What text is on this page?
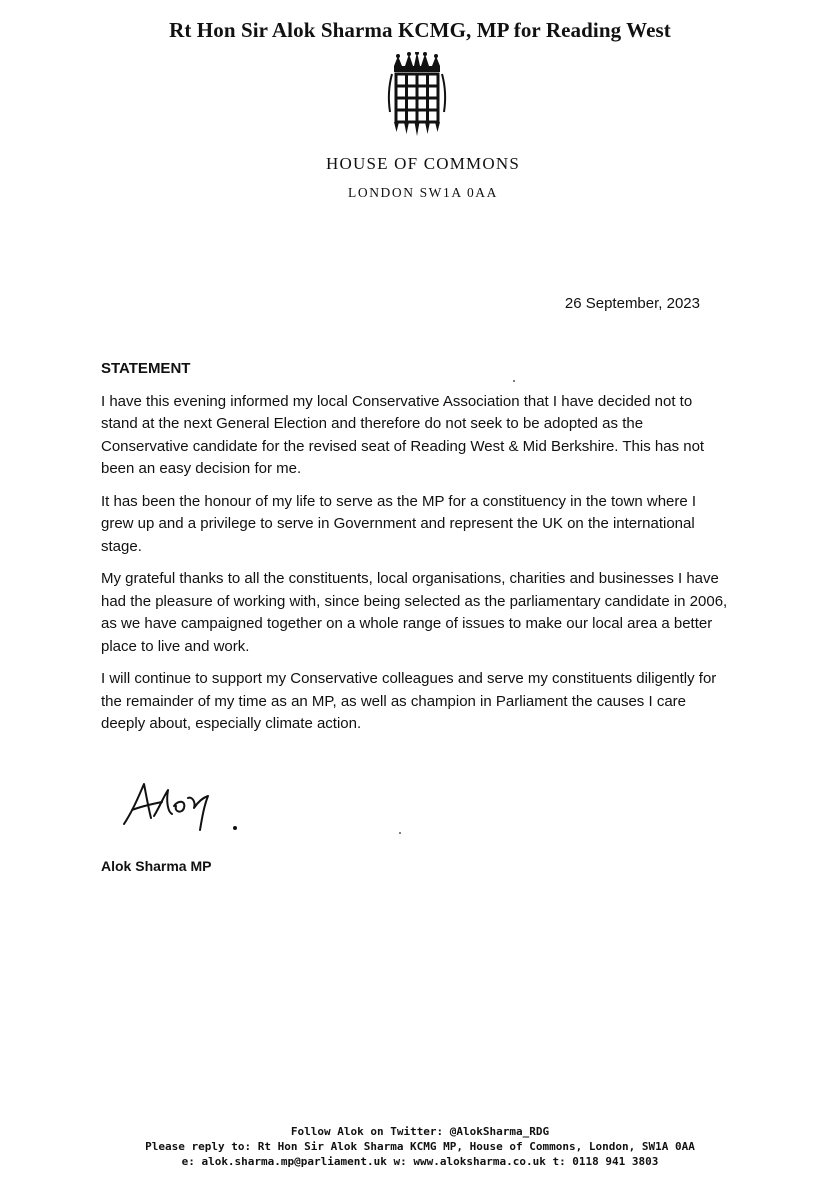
Rt Hon Sir Alok Sharma KCMG, MP for Reading West
HOUSE OF COMMONS
LONDON SW1A 0AA
26 September, 2023
STATEMENT

I have this evening informed my local Conservative Association that I have decided not to stand at the next General Election and therefore do not seek to be adopted as the Conservative candidate for the revised seat of Reading West & Mid Berkshire. This has not been an easy decision for me.

It has been the honour of my life to serve as the MP for a constituency in the town where I grew up and a privilege to serve in Government and represent the UK on the international stage.

My grateful thanks to all the constituents, local organisations, charities and businesses I have had the pleasure of working with, since being selected as the parliamentary candidate in 2006, as we have campaigned together on a whole range of issues to make our local area a better place to live and work.

I will continue to support my Conservative colleagues and serve my constituents diligently for the remainder of my time as an MP, as well as champion in Parliament the causes I care deeply about, especially climate action.

Alok Sharma MP
Follow Alok on Twitter: @AlokSharma_RDG
Please reply to: Rt Hon Sir Alok Sharma KCMG MP, House of Commons, London, SW1A 0AA
e: alok.sharma.mp@parliament.uk w: www.aloksharma.co.uk t: 0118 941 3803
